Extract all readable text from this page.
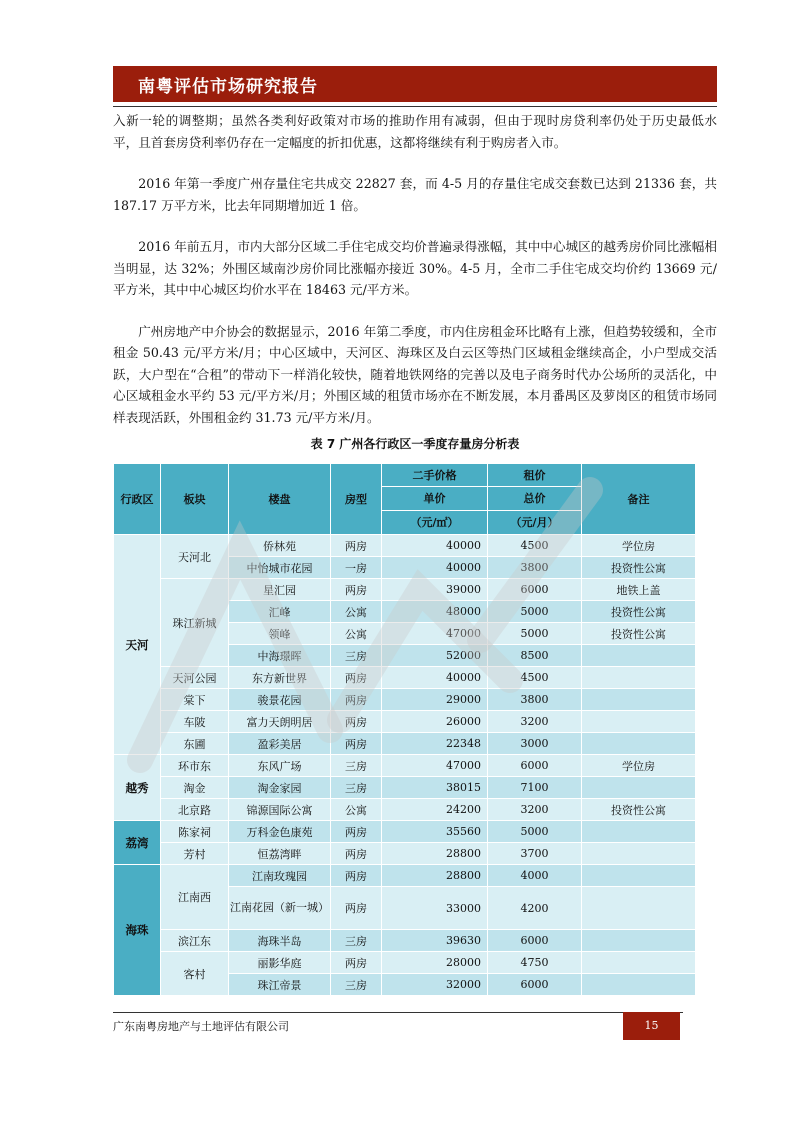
南粤评估市场研究报告

入新一轮的调整期；虽然各类利好政策对市场的推助作用有减弱，但由于现时房贷利率仍处于历史最低水平，且首套房贷利率仍存在一定幅度的折扣优惠，这都将继续有利于购房者入市。

2016 年第一季度广州存量住宅共成交 22827 套，而 4-5 月的存量住宅成交套数已达到 21336 套，共 187.17 万平方米，比去年同期增加近 1 倍。

2016 年前五月，市内大部分区域二手住宅成交均价普遍录得涨幅，其中中心城区的越秀房价同比涨幅相当明显，达 32%；外围区域南沙房价同比涨幅亦接近 30%。4-5 月，全市二手住宅成交均价约 13669 元/平方米，其中中心城区均价水平在 18463 元/平方米。

广州房地产中介协会的数据显示，2016 年第二季度，市内住房租金环比略有上涨，但趋势较缓和，全市租金 50.43 元/平方米/月；中心区域中，天河区、海珠区及白云区等热门区域租金继续高企，小户型成交活跃，大户型在“合租”的带动下一样消化较快，随着地铁网络的完善以及电子商务时代办公场所的灵活化，中心区域租金水平约 53 元/平方米/月；外围区域的租赁市场亦在不断发展，本月番禺区及萝岗区的租赁市场同样表现活跃，外围租金约 31.73 元/平方米/月。

表 7 广州各行政区一季度存量房分析表
行政区	板块	楼盘	房型	二手价格	租价	备注
				单价	总价	
				（元/㎡）	（元/月）	
天河	天河北	侨林苑	两房	40000	4500	学位房
		中怡城市花园	一房	40000	3800	投资性公寓
	珠江新城	星汇园	两房	39000	6000	地铁上盖
		汇峰	公寓	48000	5000	投资性公寓
		领峰	公寓	47000	5000	投资性公寓
		中海璟晖	三房	52000	8500	
	天河公园	东方新世界	两房	40000	4500	
	棠下	骏景花园	两房	29000	3800	
	车陂	富力天朗明居	两房	26000	3200	
	东圃	盈彩美居	两房	22348	3000	
越秀	环市东	东风广场	三房	47000	6000	学位房
	淘金	淘金家园	三房	38015	7100	
	北京路	锦源国际公寓	公寓	24200	3200	投资性公寓
荔湾	陈家祠	万科金色康苑	两房	35560	5000	
	芳村	恒荔湾畔	两房	28800	3700	
海珠	江南西	江南玫瑰园	两房	28800	4000	
		江南花园（新一城）	两房	33000	4200	
	滨江东	海珠半岛	三房	39630	6000	
	客村	丽影华庭	两房	28000	4750	
		珠江帝景	三房	32000	6000	
广东南粤房地产与土地评估有限公司	15
